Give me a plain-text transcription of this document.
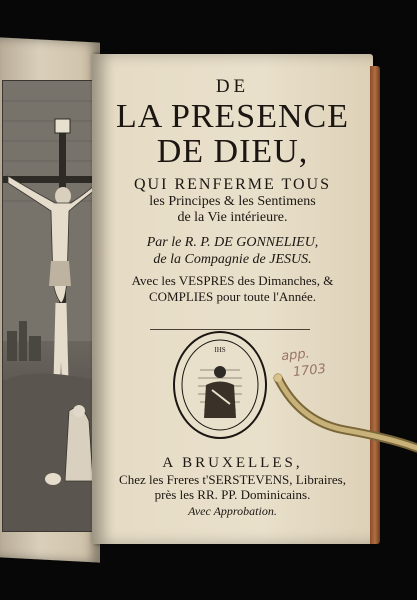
DE
LA PRESENCE
DE DIEU,
QUI RENFERME TOUS
les Principes & les Sentimens
de la Vie intérieure.
Par le R. P. DE GONNELIEU,
de la Compagnie de JESUS.
Avec les VESPRES des Dimanches, &
COMPLIES pour toute l'Année.
IHS	app.
1703
A BRUXELLES,
Chez les Freres t'SERSTEVENS, Libraires,
près les RR. PP. Dominicains.
Avec Approbation.
